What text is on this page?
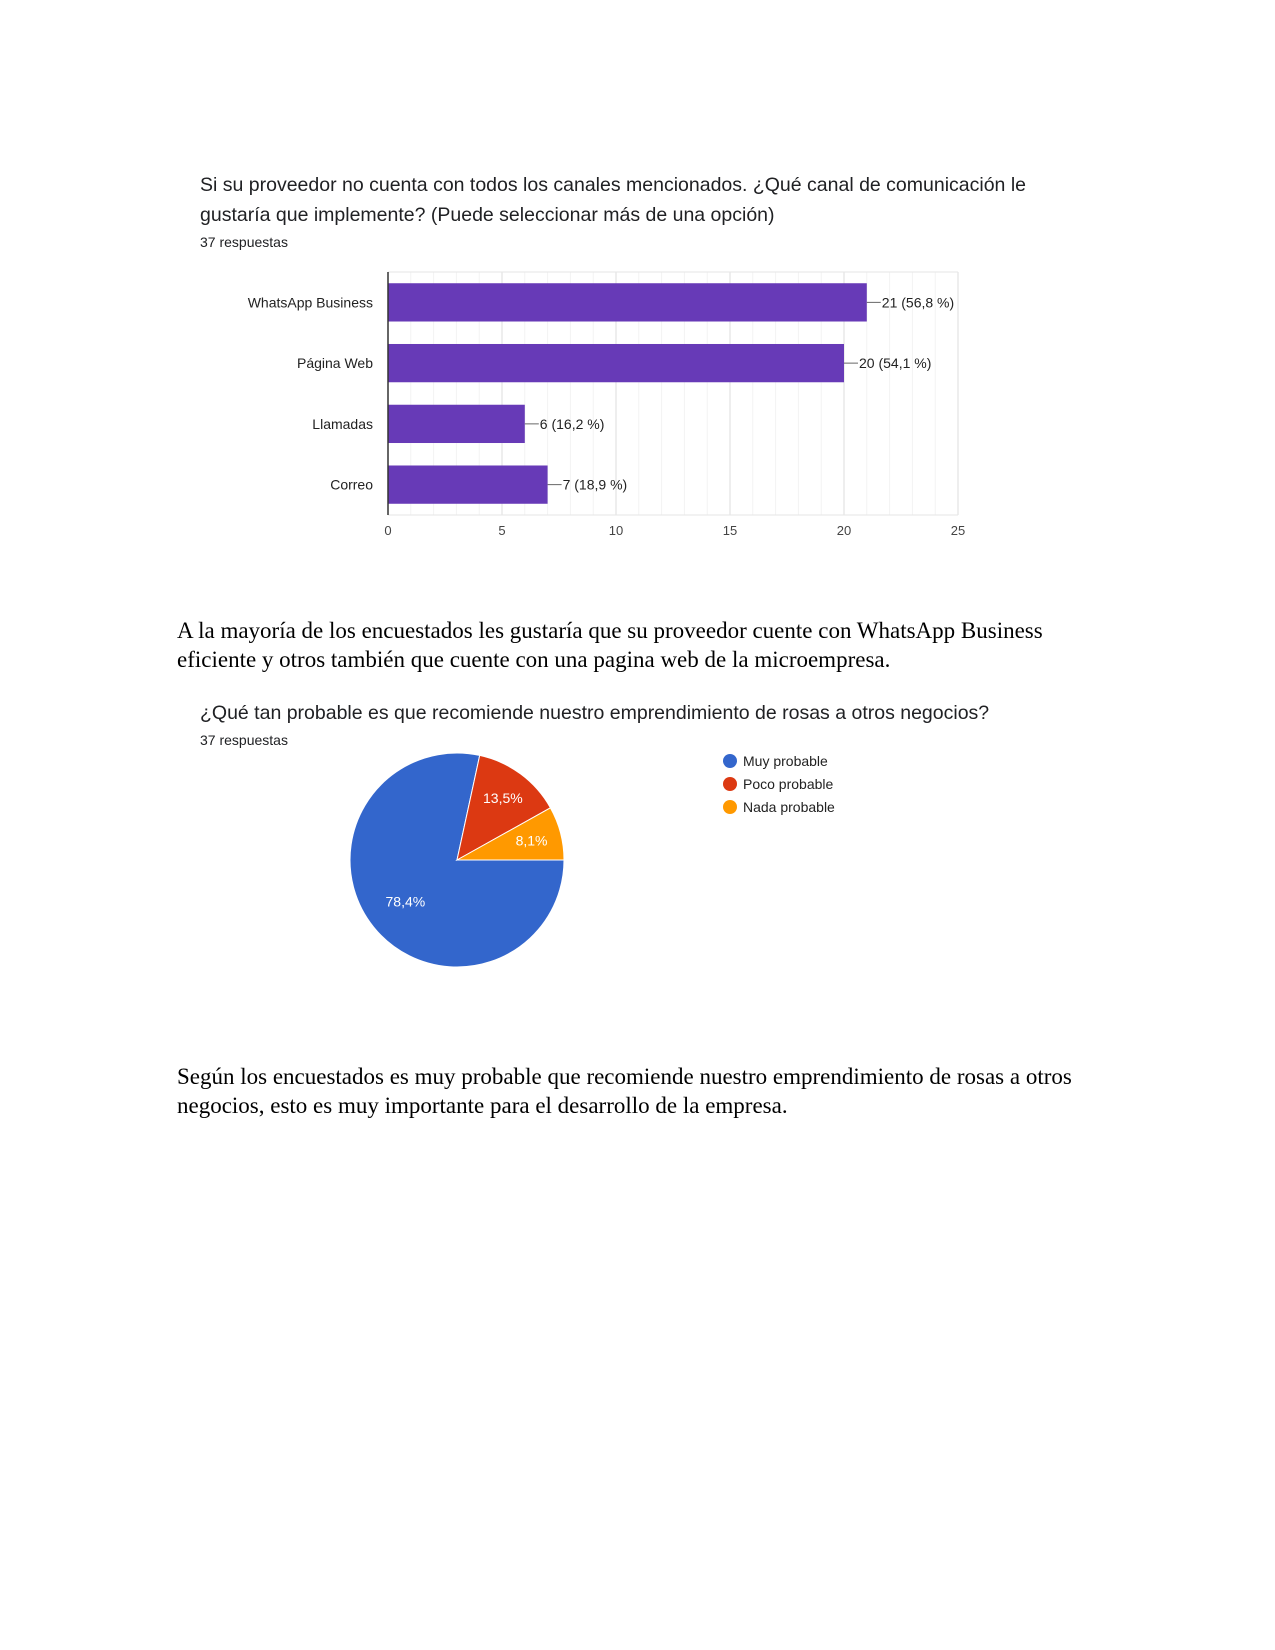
Si su proveedor no cuenta con todos los canales mencionados. ¿Qué canal de comunicación le gustaría que implemente? (Puede seleccionar más de una opción)

37 respuestas
0	5	10	15	20	25
WhatsApp Business	21 (56,8 %)
Página Web	20 (54,1 %)
Llamadas	6 (16,2 %)
Correo	7 (18,9 %)

A la mayoría de los encuestados les gustaría que su proveedor cuente con WhatsApp Business eficiente y otros también que cuente con una pagina web de la microempresa.

¿Qué tan probable es que recomiende nuestro emprendimiento de rosas a otros negocios?

37 respuestas
78,4%
13,5%
8,1%
Muy probable
Poco probable
Nada probable

Según los encuestados es muy probable que recomiende nuestro emprendimiento de rosas a otros negocios, esto es muy importante para el desarrollo de la empresa.
